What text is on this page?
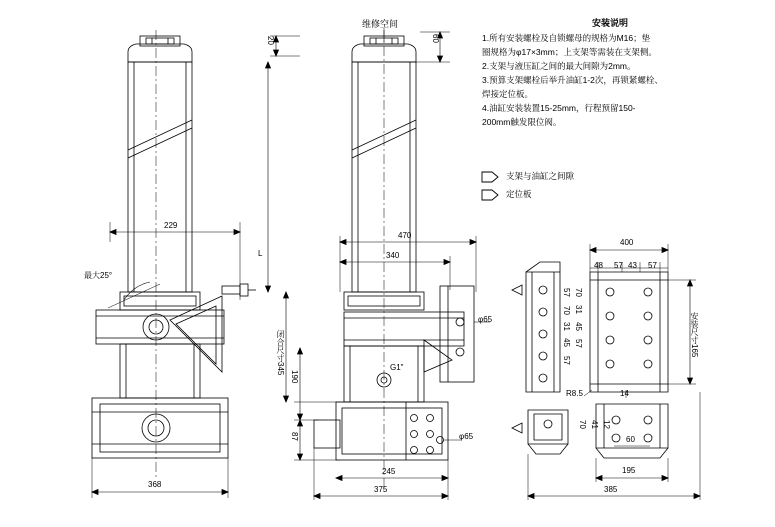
安装说明
1.所有安装螺栓及自锁螺母的规格为M16；垫
圈规格为φ17×3mm；上支架等需装在支架侧。
2.支架与液压缸之间的最大间隙为2mm。
3.预算支架螺栓后举升油缸1-2次，再锁紧螺栓、
焊接定位板。
4.油缸安装装置15-25mm，行程预留150-
200mm触发限位阀。
支架与油缸之间隙
定位板
维修空间
229
最大25°
368
20	60
L
470
340
φ65
G1"
闭合尺寸345
190
87
245
375
φ65
400
48 57 43 57
70
31
45
57
57
70
31
45
57
R8.5	14
安装尺寸165
70 41 12
60
195
385
